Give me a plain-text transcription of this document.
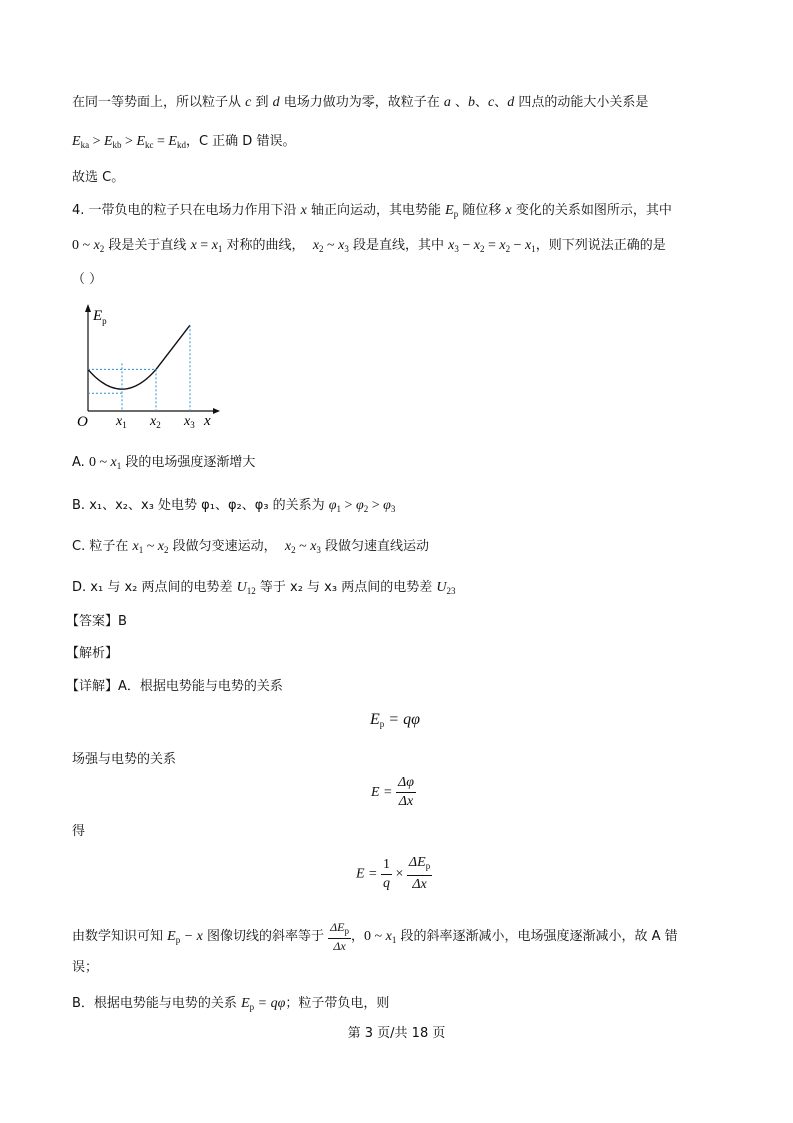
在同一等势面上，所以粒子从 c 到 d 电场力做功为零，故粒子在 a 、b、c、d 四点的动能大小关系是
$E_{ka} > E_{kb} > E_{kc} = E_{kd}$，C 正确 D 错误。
故选 C。
4. 一带负电的粒子只在电场力作用下沿 x 轴正向运动，其电势能 $E_p$ 随位移 x 变化的关系如图所示，其中
0 ~ $x_2$ 段是关于直线 $x = x_1$ 对称的曲线， $x_2$ ~ $x_3$ 段是直线，其中 $x_3 - x_2 = x_2 - x_1$，则下列说法正确的是
（ ）
$E_p$
O	x
$x_1$ $x_2$ $x_3$
A. 0 ~ $x_1$ 段的电场强度逐渐增大
B. x₁、x₂、x₃ 处电势 φ₁、φ₂、φ₃ 的关系为 $\varphi_1 > \varphi_2 > \varphi_3$
C. 粒子在 $x_1$ ~ $x_2$ 段做匀变速运动， $x_2$ ~ $x_3$ 段做匀速直线运动
D. x₁ 与 x₂ 两点间的电势差 $U_{12}$ 等于 x₂ 与 x₃ 两点间的电势差 $U_{23}$
【答案】B
【解析】
【详解】A．根据电势能与电势的关系
$E_p = q\varphi$
场强与电势的关系
$E = \frac{\Delta\varphi}{\Delta x}$
得
$E = \frac{1}{q} \times \frac{\Delta E_p}{\Delta x}$
由数学知识可知 $E_p - x$ 图像切线的斜率等于 $\frac{\Delta E_p}{\Delta x}$ ，0 ~ $x_1$ 段的斜率逐渐减小，电场强度逐渐减小，故 A 错
误；
B．根据电势能与电势的关系 $E_p = q\varphi$；粒子带负电，则
第 3 页/共 18 页
